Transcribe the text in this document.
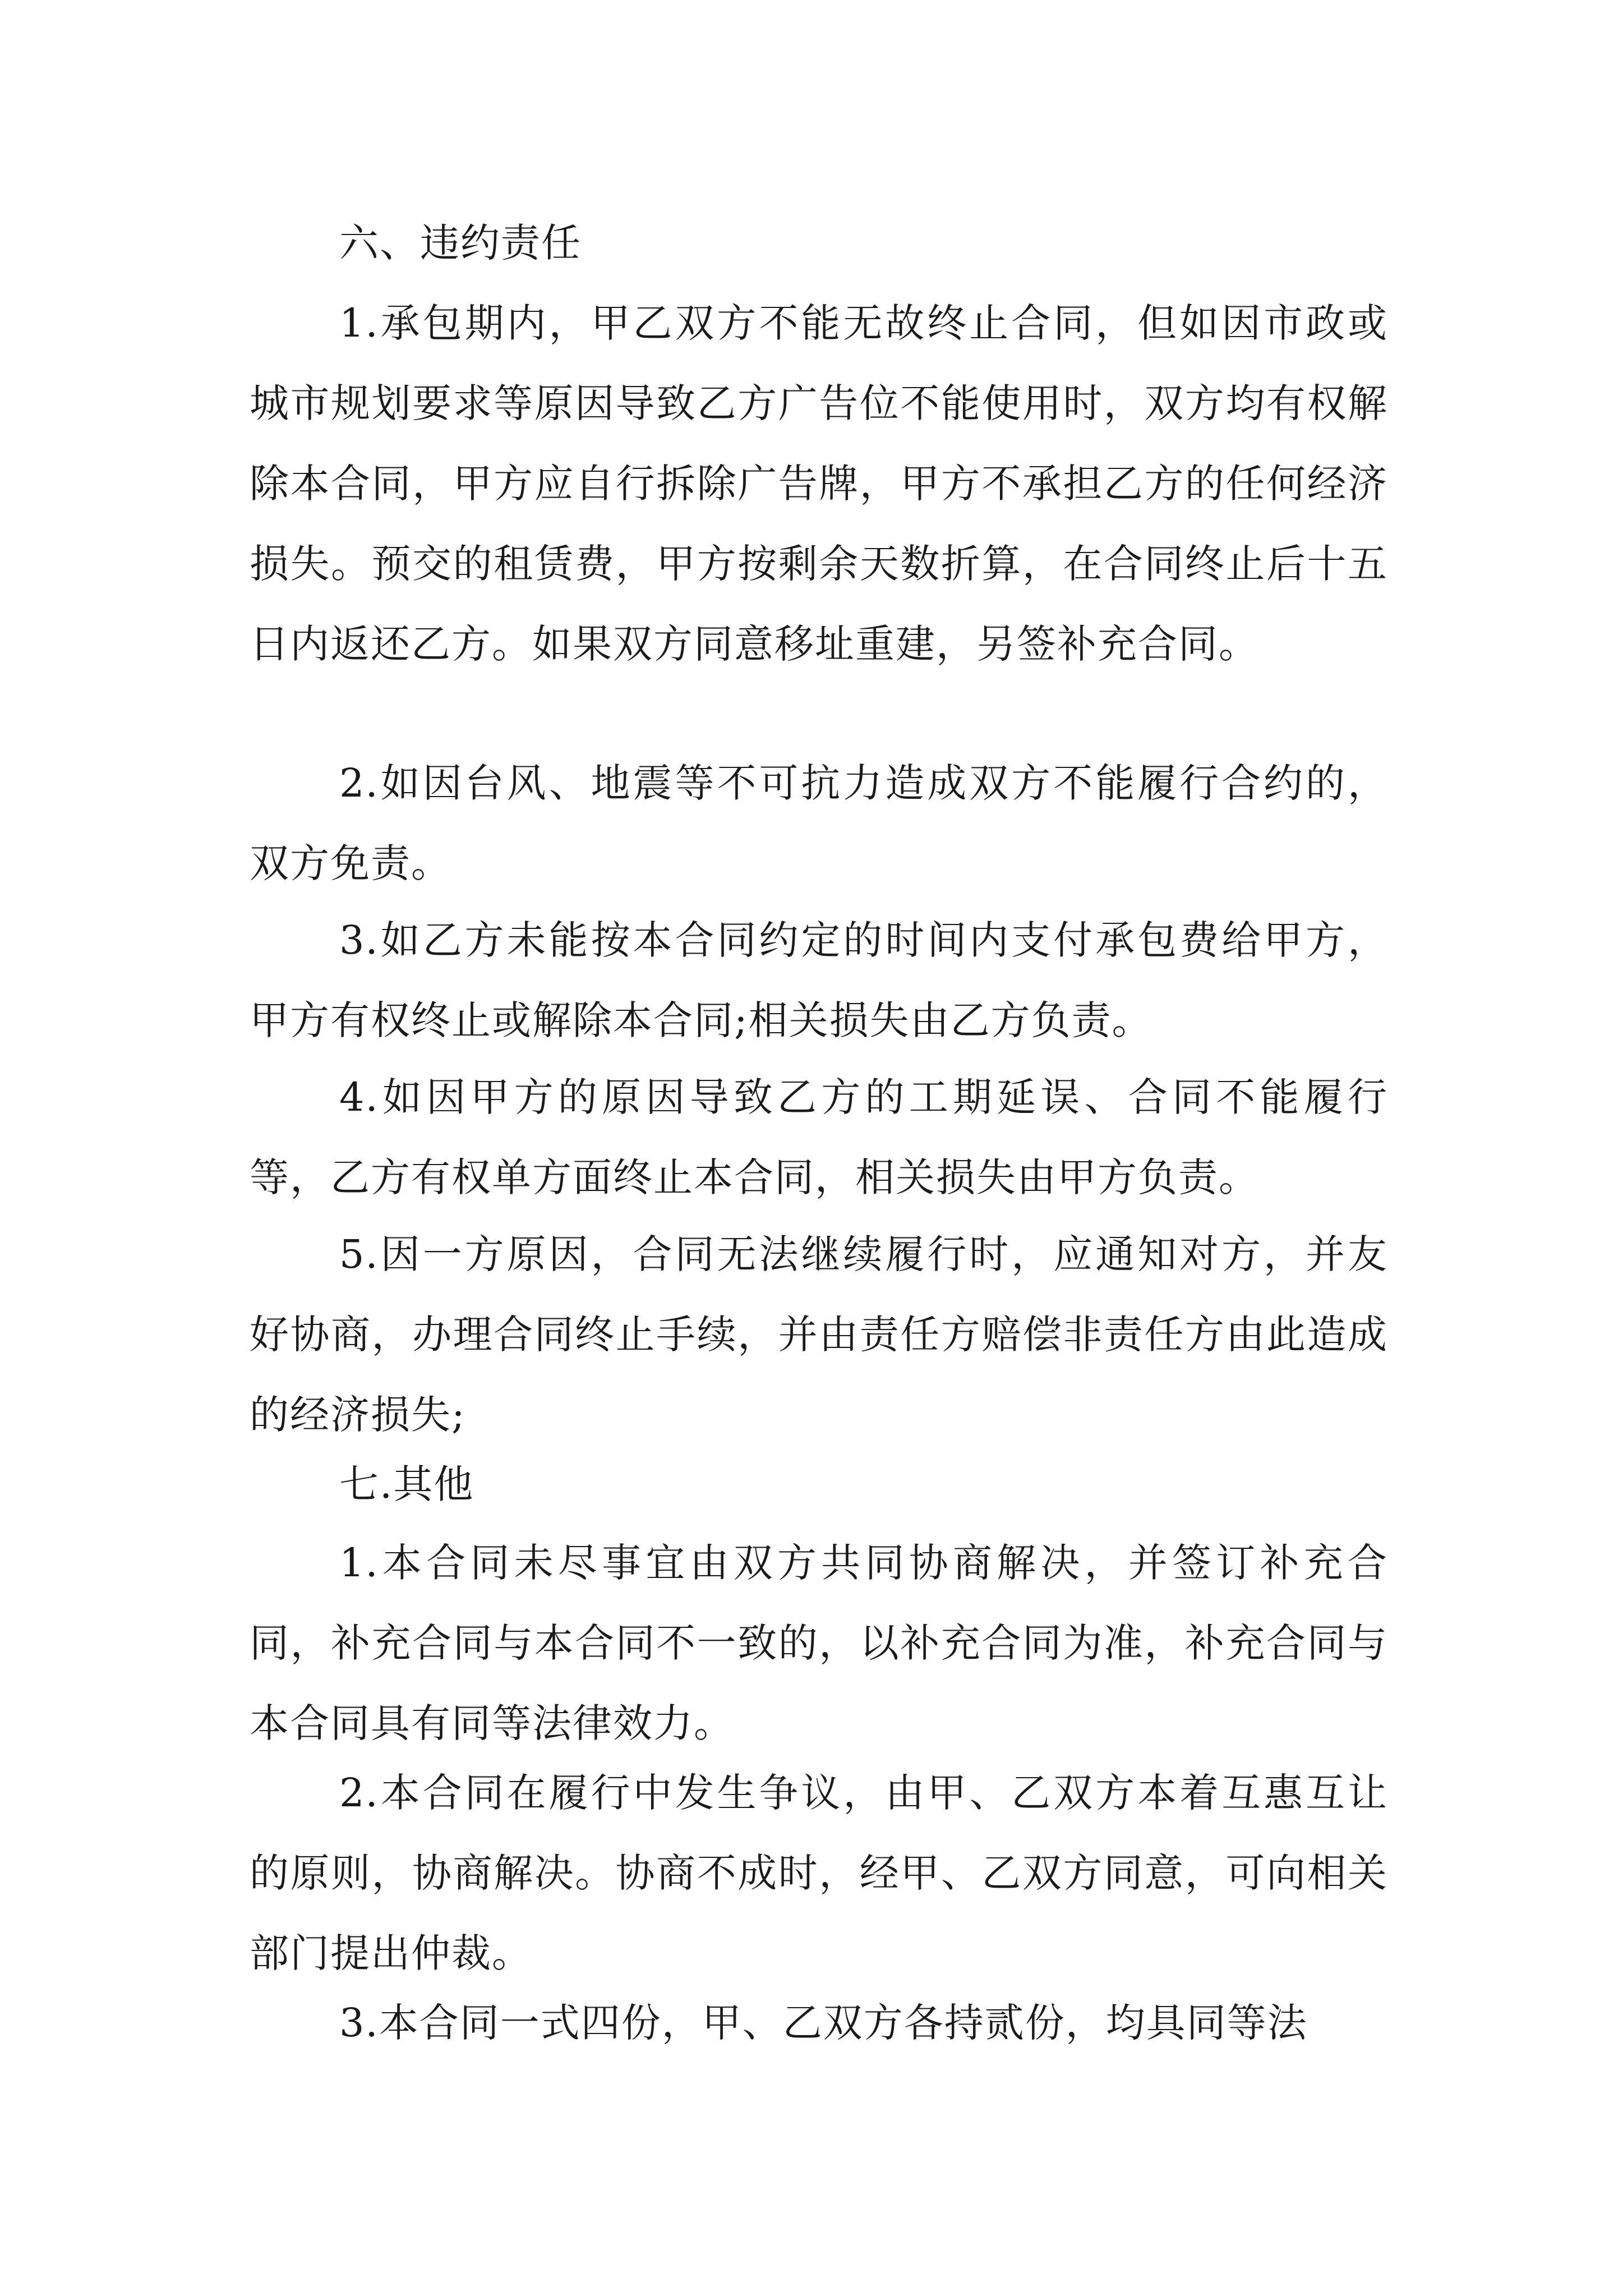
六、违约责任

1.承包期内，甲乙双方不能无故终止合同，但如因市政或城市规划要求等原因导致乙方广告位不能使用时，双方均有权解除本合同，甲方应自行拆除广告牌，甲方不承担乙方的任何经济损失。预交的租赁费，甲方按剩余天数折算，在合同终止后十五日内返还乙方。如果双方同意移址重建，另签补充合同。

2.如因台风、地震等不可抗力造成双方不能履行合约的，双方免责。

3.如乙方未能按本合同约定的时间内支付承包费给甲方，甲方有权终止或解除本合同;相关损失由乙方负责。

4.如因甲方的原因导致乙方的工期延误、合同不能履行等，乙方有权单方面终止本合同，相关损失由甲方负责。

5.因一方原因，合同无法继续履行时，应通知对方，并友好协商，办理合同终止手续，并由责任方赔偿非责任方由此造成的经济损失;

七.其他

1.本合同未尽事宜由双方共同协商解决，并签订补充合同，补充合同与本合同不一致的，以补充合同为准，补充合同与本合同具有同等法律效力。

2.本合同在履行中发生争议，由甲、乙双方本着互惠互让的原则，协商解决。协商不成时，经甲、乙双方同意，可向相关部门提出仲裁。

3.本合同一式四份，甲、乙双方各持贰份，均具同等法
